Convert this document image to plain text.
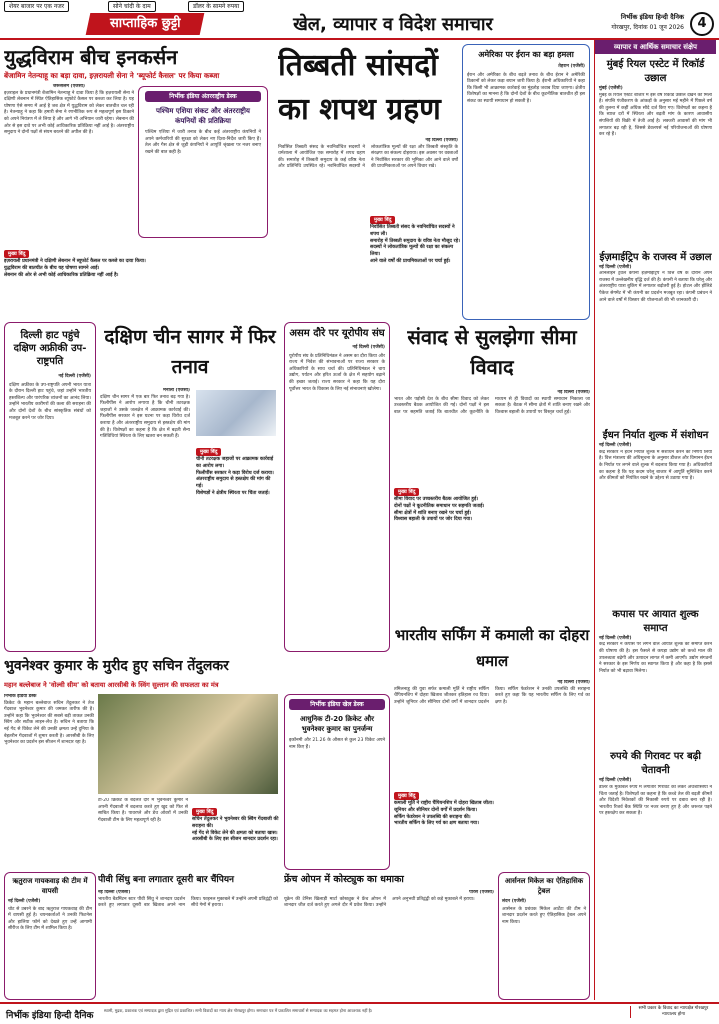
शेयर बाजार पर एक नजर	सोने चांदी के दाम	डॉलर के सामने रुपया
साप्ताहिक छुट्टी	खेल, व्यापार व विदेश समाचार	निर्भीक इंडिया हिन्दी दैनिक
गोरखपुर, दिनांक 01 जून 2026	4
युद्धविराम बीच इनकर्सन
बेंजामिन नेतन्याहू का बड़ा दावा, इज़रायली सेना ने 'ब्यूफोर्ट कैसल' पर किया कब्जा
जेरूसलम (एजेंसी)
इज़राइल के प्रधानमंत्री बेंजामिन नेतन्याहू ने दावा किया है कि इज़रायली सेना ने दक्षिणी लेबनान में स्थित ऐतिहासिक ब्यूफोर्ट कैसल पर कब्जा कर लिया है। यह घोषणा ऐसे समय में आई है जब क्षेत्र में युद्धविराम को लेकर बातचीत चल रही है। नेतन्याहू ने कहा कि हमारी सेना ने रणनीतिक रूप से महत्वपूर्ण इस ठिकाने को अपने नियंत्रण में ले लिया है और आगे भी अभियान जारी रहेगा। लेबनान की ओर से इस दावे पर अभी कोई आधिकारिक प्रतिक्रिया नहीं आई है। अंतरराष्ट्रीय समुदाय ने दोनों पक्षों से संयम बरतने की अपील की है।
निर्भीक इंडिया अंतरराष्ट्रीय डेस्क
पश्चिम एशिया संकट और अंतरराष्ट्रीय कंपनियों की प्रतिक्रिया
पश्चिम एशिया में जारी तनाव के बीच कई अंतरराष्ट्रीय कंपनियों ने अपने कर्मचारियों की सुरक्षा को लेकर नए दिशा-निर्देश जारी किए हैं। तेल और गैस क्षेत्र से जुड़ी कंपनियों ने आपूर्ति श्रृंखला पर नजर बनाए रखने की बात कही है।
मुख्य बिंदु
इज़रायली प्रधानमंत्री ने दक्षिणी लेबनान में ब्यूफोर्ट कैसल पर कब्जे का दावा किया।
युद्धविराम की बातचीत के बीच यह घोषणा सामने आई।
लेबनान की ओर से अभी कोई आधिकारिक प्रतिक्रिया नहीं आई है।
दिल्ली हाट पहुंचे दक्षिण अफ्रीकी उप-राष्ट्रपति
नई दिल्ली (एजेंसी)
दक्षिण अफ्रीका के उप-राष्ट्रपति अपनी भारत यात्रा के दौरान दिल्ली हाट पहुंचे, जहां उन्होंने भारतीय हस्तशिल्प और पारंपरिक व्यंजनों का आनंद लिया। उन्होंने भारतीय कारीगरों की कला की सराहना की और दोनों देशों के बीच सांस्कृतिक संबंधों को मजबूत करने पर जोर दिया।
तिब्बती सांसदों का शपथ ग्रहण
नई दिल्ली (एजेंसी)
निर्वासित तिब्बती संसद के नवनिर्वाचित सदस्यों ने धर्मशाला में आयोजित एक समारोह में शपथ ग्रहण की। समारोह में तिब्बती समुदाय के कई वरिष्ठ नेता और प्रतिनिधि उपस्थित रहे। नवनिर्वाचित सदस्यों ने लोकतांत्रिक मूल्यों की रक्षा और तिब्बती संस्कृति के संरक्षण का संकल्प दोहराया। इस अवसर पर वक्ताओं ने निर्वासित सरकार की भूमिका और आने वाले वर्षों की प्राथमिकताओं पर अपने विचार रखे।
मुख्य बिंदु
निर्वासित तिब्बती संसद के नवनिर्वाचित सदस्यों ने शपथ ली।
समारोह में तिब्बती समुदाय के वरिष्ठ नेता मौजूद रहे।
सदस्यों ने लोकतांत्रिक मूल्यों की रक्षा का संकल्प लिया।
आने वाले वर्षों की प्राथमिकताओं पर चर्चा हुई।
अमेरिका पर ईरान का बड़ा हमला
तेहरान (एजेंसी)
ईरान और अमेरिका के बीच बढ़ते तनाव के बीच ईरान ने अमेरिकी ठिकानों को लेकर कड़ा बयान जारी किया है। ईरानी अधिकारियों ने कहा कि किसी भी आक्रामक कार्रवाई का मुंहतोड़ जवाब दिया जाएगा। क्षेत्रीय विशेषज्ञों का मानना है कि दोनों देशों के बीच कूटनीतिक बातचीत ही इस संकट का स्थायी समाधान हो सकती है।
दक्षिण चीन सागर में फिर तनाव
मनीला (एजेंसी)
दक्षिण चीन सागर में एक बार फिर तनाव बढ़ गया है। फिलीपींस ने आरोप लगाया है कि चीनी तटरक्षक जहाजों ने उसके जलक्षेत्र में आक्रामक कार्रवाई की। फिलीपींस सरकार ने इस घटना पर कड़ा विरोध दर्ज कराया है और अंतरराष्ट्रीय समुदाय से हस्तक्षेप की मांग की है। विशेषज्ञों का कहना है कि क्षेत्र में बढ़ती सैन्य गतिविधियां स्थिरता के लिए खतरा बन सकती हैं।
मुख्य बिंदु
चीनी तटरक्षक जहाजों पर आक्रामक कार्रवाई का आरोप लगा।
फिलीपींस सरकार ने कड़ा विरोध दर्ज कराया।
अंतरराष्ट्रीय समुदाय से हस्तक्षेप की मांग की गई।
विशेषज्ञों ने क्षेत्रीय स्थिरता पर चिंता जताई।
असम दौरे पर यूरोपीय संघ
नई दिल्ली (एजेंसी)
यूरोपीय संघ के प्रतिनिधिमंडल ने असम का दौरा किया और राज्य में निवेश की संभावनाओं पर राज्य सरकार के अधिकारियों के साथ चर्चा की। प्रतिनिधिमंडल ने चाय उद्योग, पर्यटन और हरित ऊर्जा के क्षेत्र में सहयोग बढ़ाने की इच्छा जताई। राज्य सरकार ने कहा कि यह दौरा पूर्वोत्तर भारत के विकास के लिए नई संभावनाएं खोलेगा।
संवाद से सुलझेगा सीमा विवाद
नई दिल्ली (एजेंसी)
भारत और पड़ोसी देश के बीच सीमा विवाद को लेकर उच्चस्तरीय बैठक आयोजित की गई। दोनों पक्षों ने इस बात पर सहमति जताई कि बातचीत और कूटनीति के माध्यम से ही विवादों का स्थायी समाधान निकाला जा सकता है। बैठक में सीमा क्षेत्रों में शांति बनाए रखने और विश्वास बहाली के उपायों पर विस्तृत चर्चा हुई।
मुख्य बिंदु
सीमा विवाद पर उच्चस्तरीय बैठक आयोजित हुई।
दोनों पक्षों ने कूटनीतिक समाधान पर सहमति जताई।
सीमा क्षेत्रों में शांति बनाए रखने पर चर्चा हुई।
विश्वास बहाली के उपायों पर जोर दिया गया।
भुवनेश्वर कुमार के मुरीद हुए सचिन तेंदुलकर
महान बल्लेबाज ने 'वोल्वी सीम' को बताया आरसीबी के स्विंग सुल्तान की सफलता का मंत्र
निर्भीक इंडिया डेस्क
क्रिकेट के महान बल्लेबाज सचिन तेंदुलकर ने तेज गेंदबाज भुवनेश्वर कुमार की जमकर तारीफ की है। उन्होंने कहा कि भुवनेश्वर की सबसे बड़ी ताकत उनकी स्विंग और सटीक लाइन-लेंथ है। सचिन ने बताया कि नई गेंद से विकेट लेने की उनकी क्षमता उन्हें दुनिया के बेहतरीन गेंदबाजों में शुमार करती है। आरसीबी के लिए भुवनेश्वर का प्रदर्शन इस सीजन में शानदार रहा है।
टी-20 क्रिकेट के बदलते दौर में भुवनेश्वर कुमार ने अपनी गेंदबाजी में बदलाव करते हुए खुद को फिर से साबित किया है। पावरप्ले और डेथ ओवरों में उनकी गेंदबाजी टीम के लिए महत्वपूर्ण रही है।
मुख्य बिंदु
सचिन तेंदुलकर ने भुवनेश्वर की स्विंग गेंदबाजी की सराहना की।
नई गेंद से विकेट लेने की क्षमता को बताया खास।
आरसीबी के लिए इस सीजन शानदार प्रदर्शन रहा।
निर्भीक इंडिया खेल डेस्क
आधुनिक टी-20 क्रिकेट और भुवनेश्वर कुमार का पुनर्जन्म
इकॉनमी और 21.26 के औसत से कुल 23 विकेट अपने नाम किए हैं।
ऋतुराज गायकवाड़ की टीम में वापसी
नई दिल्ली (एजेंसी)
चोट से उबरने के बाद ऋतुराज गायकवाड़ की टीम में वापसी हुई है। चयनकर्ताओं ने उनकी फिटनेस और हालिया फॉर्म को देखते हुए उन्हें आगामी सीरीज के लिए टीम में शामिल किया है।
पीवी सिंधु बना लगातार दूसरी बार चैंपियन
नई दिल्ली (एजेंसी)
भारतीय बैडमिंटन स्टार पीवी सिंधु ने शानदार प्रदर्शन करते हुए लगातार दूसरी बार खिताब अपने नाम किया। फाइनल मुकाबले में उन्होंने अपनी प्रतिद्वंद्वी को सीधे गेमों में हराया।
फ्रेंच ओपन में कोस्ट्युक का धमाका
पेरिस (एजेंसी)
यूक्रेन की टेनिस खिलाड़ी मार्टा कोस्ट्युक ने फ्रेंच ओपन में शानदार जीत दर्ज करते हुए अगले दौर में प्रवेश किया। उन्होंने अपने अनुभवी प्रतिद्वंद्वी को कड़े मुकाबले में हराया।
भारतीय सर्फिंग में कमाली का दोहरा धमाल
नई दिल्ली (एजेंसी)
तमिलनाडु की युवा सर्फर कमाली मूर्ति ने राष्ट्रीय सर्फिंग चैंपियनशिप में दोहरा खिताब जीतकर इतिहास रच दिया। उन्होंने जूनियर और सीनियर दोनों वर्गों में शानदार प्रदर्शन किया। सर्फिंग फेडरेशन ने उनकी उपलब्धि की सराहना करते हुए कहा कि यह भारतीय सर्फिंग के लिए गर्व का क्षण है।
मुख्य बिंदु
कमाली मूर्ति ने राष्ट्रीय चैंपियनशिप में दोहरा खिताब जीता।
जूनियर और सीनियर दोनों वर्गों में प्रदर्शन किया।
सर्फिंग फेडरेशन ने उपलब्धि की सराहना की।
भारतीय सर्फिंग के लिए गर्व का क्षण बताया गया।
आर्सनल मिकेल का ऐतिहासिक ट्रेबल
लंदन (एजेंसी)
आर्सनल के प्रबंधक मिकेल आर्टेटा की टीम ने शानदार प्रदर्शन करते हुए ऐतिहासिक ट्रेबल अपने नाम किया।
व्यापार व आर्थिक समाचार संक्षेप
मुंबई रियल एस्टेट में रिकॉर्ड उछाल
मुंबई (एजेंसी)
मुंबई के रियल एस्टेट बाजार में इस वर्ष रिकॉर्ड उछाल देखने को मिला है। संपत्ति पंजीकरण के आंकड़ों के अनुसार मई महीने में पिछले वर्ष की तुलना में कहीं अधिक सौदे दर्ज किए गए। विशेषज्ञों का कहना है कि ब्याज दरों में स्थिरता और बढ़ती मांग के कारण आवासीय संपत्तियों की बिक्री में तेजी आई है। लक्जरी आवासों की मांग भी लगातार बढ़ रही है, जिससे डेवलपर्स नई परियोजनाओं की घोषणा कर रहे हैं।
ईज़माईट्रिप के राजस्व में उछाल
नई दिल्ली (एजेंसी)
ऑनलाइन ट्रैवल कंपनी ईज़माईट्रिप ने वित्त वर्ष के दौरान अपने राजस्व में उल्लेखनीय वृद्धि दर्ज की है। कंपनी ने बताया कि घरेलू और अंतरराष्ट्रीय यात्रा बुकिंग में लगातार बढ़ोतरी हुई है। होटल और हॉलिडे पैकेज सेगमेंट में भी कंपनी का प्रदर्शन मजबूत रहा। कंपनी प्रबंधन ने आने वाले वर्षों में विस्तार की योजनाओं की भी जानकारी दी।
ईंधन निर्यात शुल्क में संशोधन
नई दिल्ली (एजेंसी)
केंद्र सरकार ने ईंधन निर्यात शुल्क में संशोधन करने का निर्णय लिया है। वित्त मंत्रालय की अधिसूचना के अनुसार डीजल और विमानन ईंधन के निर्यात पर लगने वाले शुल्क में बदलाव किया गया है। अधिकारियों का कहना है कि यह कदम घरेलू बाजार में आपूर्ति सुनिश्चित करने और कीमतों को नियंत्रित रखने के उद्देश्य से उठाया गया है।
कपास पर आयात शुल्क समाप्त
नई दिल्ली (एजेंसी)
केंद्र सरकार ने कपास पर लगने वाले आयात शुल्क को समाप्त करने की घोषणा की है। इस फैसले से कपड़ा उद्योग को कच्चे माल की उपलब्धता बढ़ेगी और उत्पादन लागत में कमी आएगी। उद्योग संगठनों ने सरकार के इस निर्णय का स्वागत किया है और कहा है कि इससे निर्यात को भी बढ़ावा मिलेगा।
रुपये की गिरावट पर बढ़ी चेतावनी
नई दिल्ली (एजेंसी)
डॉलर के मुकाबले रुपये में लगातार गिरावट को लेकर अर्थशास्त्रियों ने चिंता जताई है। विशेषज्ञों का कहना है कि कच्चे तेल की बढ़ती कीमतें और विदेशी निवेशकों की निकासी रुपये पर दबाव बना रही है। भारतीय रिजर्व बैंक स्थिति पर नजर बनाए हुए है और जरूरत पड़ने पर हस्तक्षेप कर सकता है।
निर्भीक इंडिया हिन्दी दैनिक
स्वामी, मुद्रक, प्रकाशक एवं सम्पादक द्वारा मुद्रित एवं प्रकाशित। सभी विवादों का न्याय क्षेत्र गोरखपुर होगा। समाचार पत्र में प्रकाशित समाचारों से सम्पादक का सहमत होना आवश्यक नहीं है।	सभी प्रकार के विवाद का न्यायक्षेत्र गोरखपुर न्यायालय होगा
